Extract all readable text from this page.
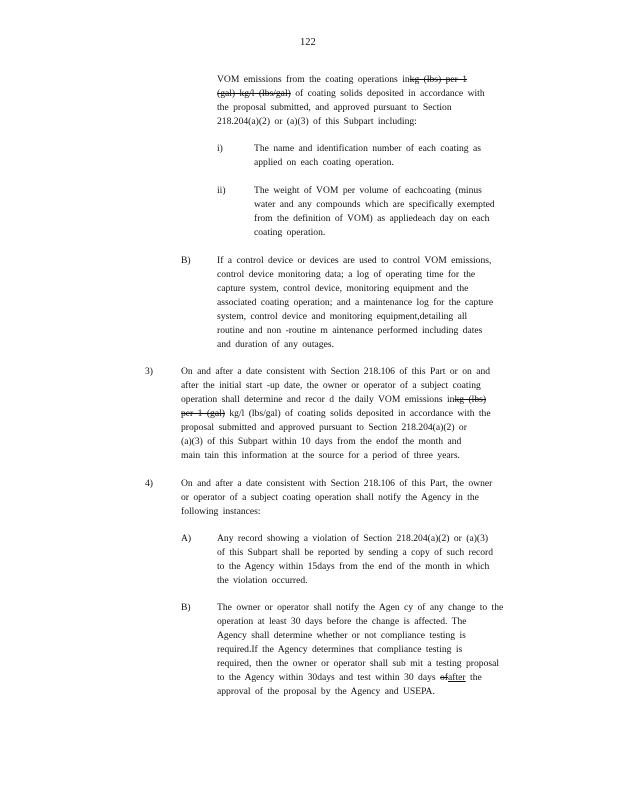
122
VOM emissions from the coating operations inkg (lbs) per 1
(gal) kg/l (lbs/gal) of coating solids deposited in accordance with
the proposal submitted, and approved pursuant to Section
218.204(a)(2) or (a)(3) of this Subpart including:
i)	The name and identification number of each coating as
applied on each coating operation.
ii)	The weight of VOM per volume of eachcoating (minus
water and any compounds which are specifically exempted
from the definition of VOM) as appliedeach day on each
coating operation.
B)	If a control device or devices are used to control VOM emissions,
control device monitoring data; a log of operating time for the
capture system, control device, monitoring equipment and the
associated coating operation; and a maintenance log for the capture
system, control device and monitoring equipment,detailing all
routine and non -routine m aintenance performed including dates
and duration of any outages.
3)	On and after a date consistent with Section 218.106 of this Part or on and
after the initial start -up date, the owner or operator of a subject coating
operation shall determine and recor d the daily VOM emissions inkg (lbs)
per 1 (gal) kg/l (lbs/gal) of coating solids deposited in accordance with the
proposal submitted and approved pursuant to Section 218.204(a)(2) or
(a)(3) of this Subpart within 10 days from the endof the month and
main tain this information at the source for a period of three years.
4)	On and after a date consistent with Section 218.106 of this Part, the owner
or operator of a subject coating operation shall notify the Agency in the
following instances:
A)	Any record showing a violation of Section 218.204(a)(2) or (a)(3)
of this Subpart shall be reported by sending a copy of such record
to the Agency within 15days from the end of the month in which
the violation occurred.
B)	The owner or operator shall notify the Agen cy of any change to the
operation at least 30 days before the change is affected. The
Agency shall determine whether or not compliance testing is
required.If the Agency determines that compliance testing is
required, then the owner or operator shall sub mit a testing proposal
to the Agency within 30days and test within 30 days ofafter the
approval of the proposal by the Agency and USEPA.
